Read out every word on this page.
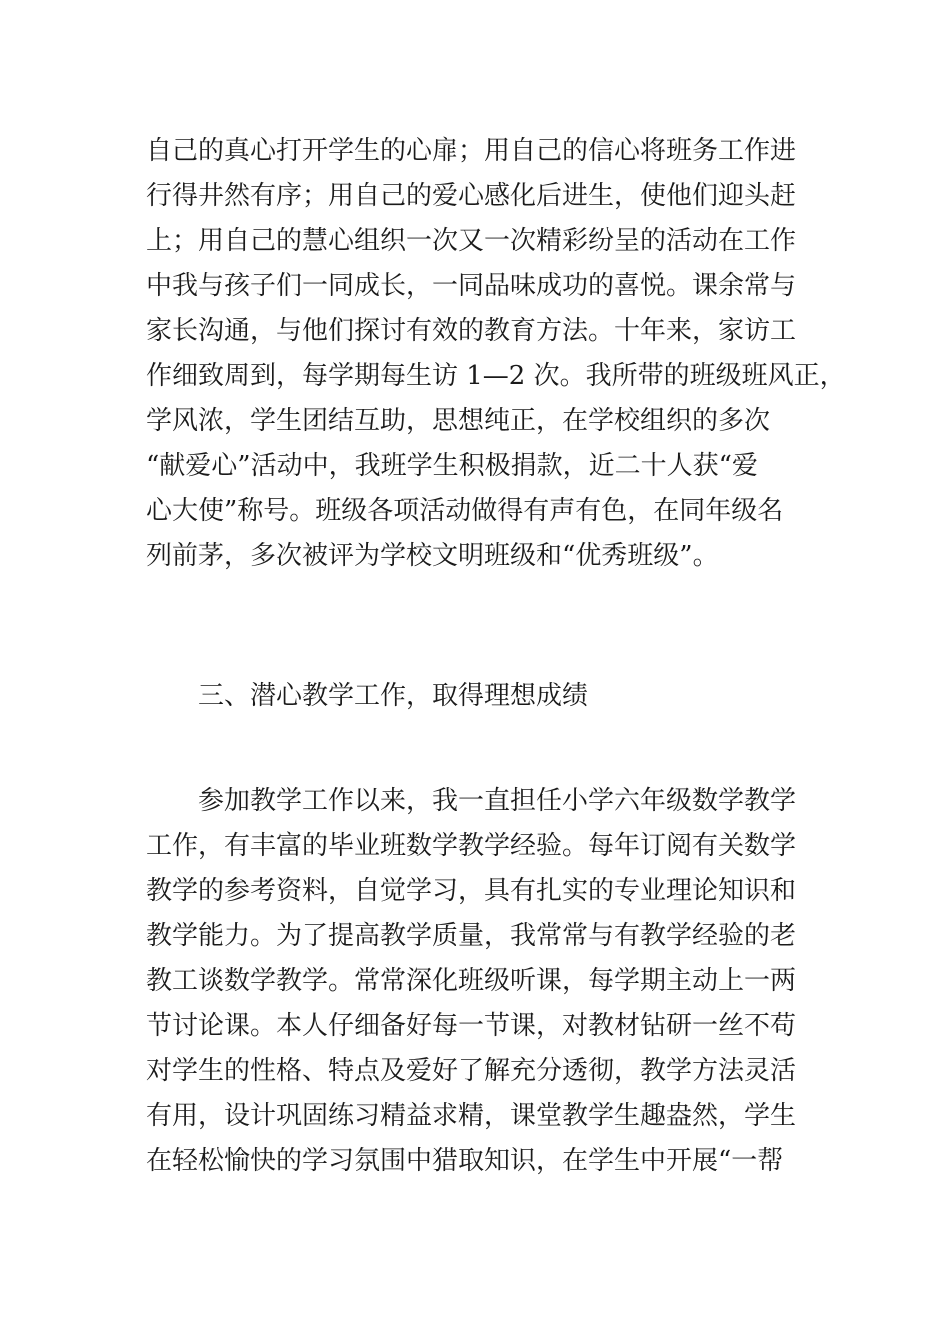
自己的真心打开学生的心扉；用自己的信心将班务工作进
行得井然有序；用自己的爱心感化后进生，使他们迎头赶
上；用自己的慧心组织一次又一次精彩纷呈的活动在工作
中我与孩子们一同成长，一同品味成功的喜悦。课余常与
家长沟通，与他们探讨有效的教育方法。十年来，家访工
作细致周到，每学期每生访 1—2 次。我所带的班级班风正，
学风浓，学生团结互助，思想纯正，在学校组织的多次
“献爱心”活动中，我班学生积极捐款，近二十人获“爱
心大使”称号。班级各项活动做得有声有色，在同年级名
列前茅，多次被评为学校文明班级和“优秀班级”。
三、潜心教学工作，取得理想成绩
参加教学工作以来，我一直担任小学六年级数学教学
工作，有丰富的毕业班数学教学经验。每年订阅有关数学
教学的参考资料，自觉学习，具有扎实的专业理论知识和
教学能力。为了提高教学质量，我常常与有教学经验的老
教工谈数学教学。常常深化班级听课，每学期主动上一两
节讨论课。本人仔细备好每一节课，对教材钻研一丝不苟
对学生的性格、特点及爱好了解充分透彻，教学方法灵活
有用，设计巩固练习精益求精，课堂教学生趣盎然，学生
在轻松愉快的学习氛围中猎取知识，在学生中开展“一帮
